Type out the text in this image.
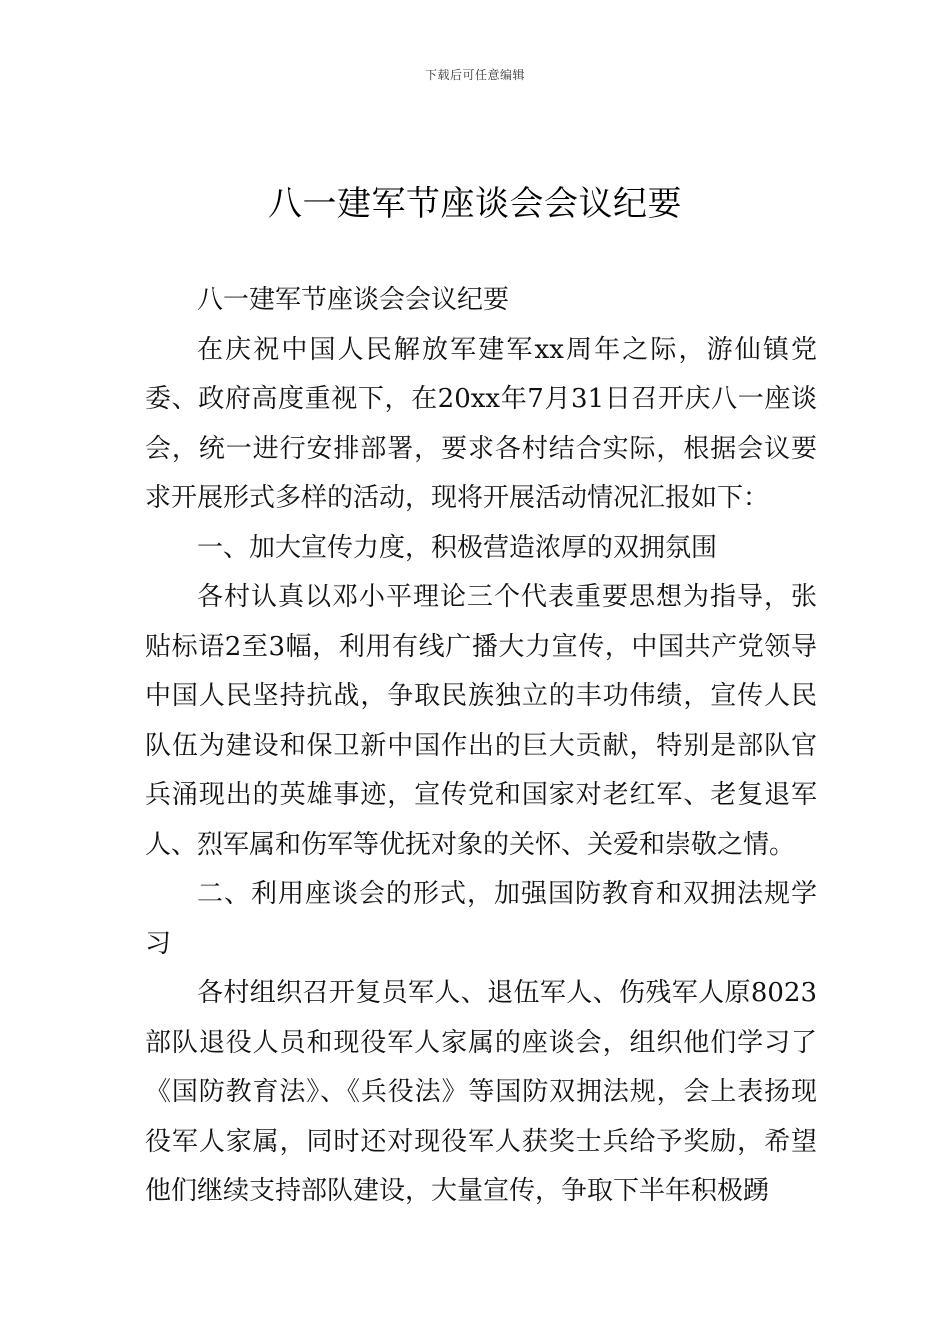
下载后可任意编辑
八一建军节座谈会会议纪要

八一建军节座谈会会议纪要

在庆祝中国人民解放军建军xx周年之际，游仙镇党委、政府高度重视下，在20xx年7月31日召开庆八一座谈会，统一进行安排部署，要求各村结合实际，根据会议要求开展形式多样的活动，现将开展活动情况汇报如下：

一、加大宣传力度，积极营造浓厚的双拥氛围

各村认真以邓小平理论三个代表重要思想为指导，张贴标语2至3幅，利用有线广播大力宣传，中国共产党领导中国人民坚持抗战，争取民族独立的丰功伟绩，宣传人民队伍为建设和保卫新中国作出的巨大贡献，特别是部队官兵涌现出的英雄事迹，宣传党和国家对老红军、老复退军人、烈军属和伤军等优抚对象的关怀、关爱和崇敬之情。

二、利用座谈会的形式，加强国防教育和双拥法规学习

各村组织召开复员军人、退伍军人、伤残军人原8023部队退役人员和现役军人家属的座谈会，组织他们学习了《国防教育法》、《兵役法》等国防双拥法规，会上表扬现役军人家属，同时还对现役军人获奖士兵给予奖励，希望他们继续支持部队建设，大量宣传，争取下半年积极踴
